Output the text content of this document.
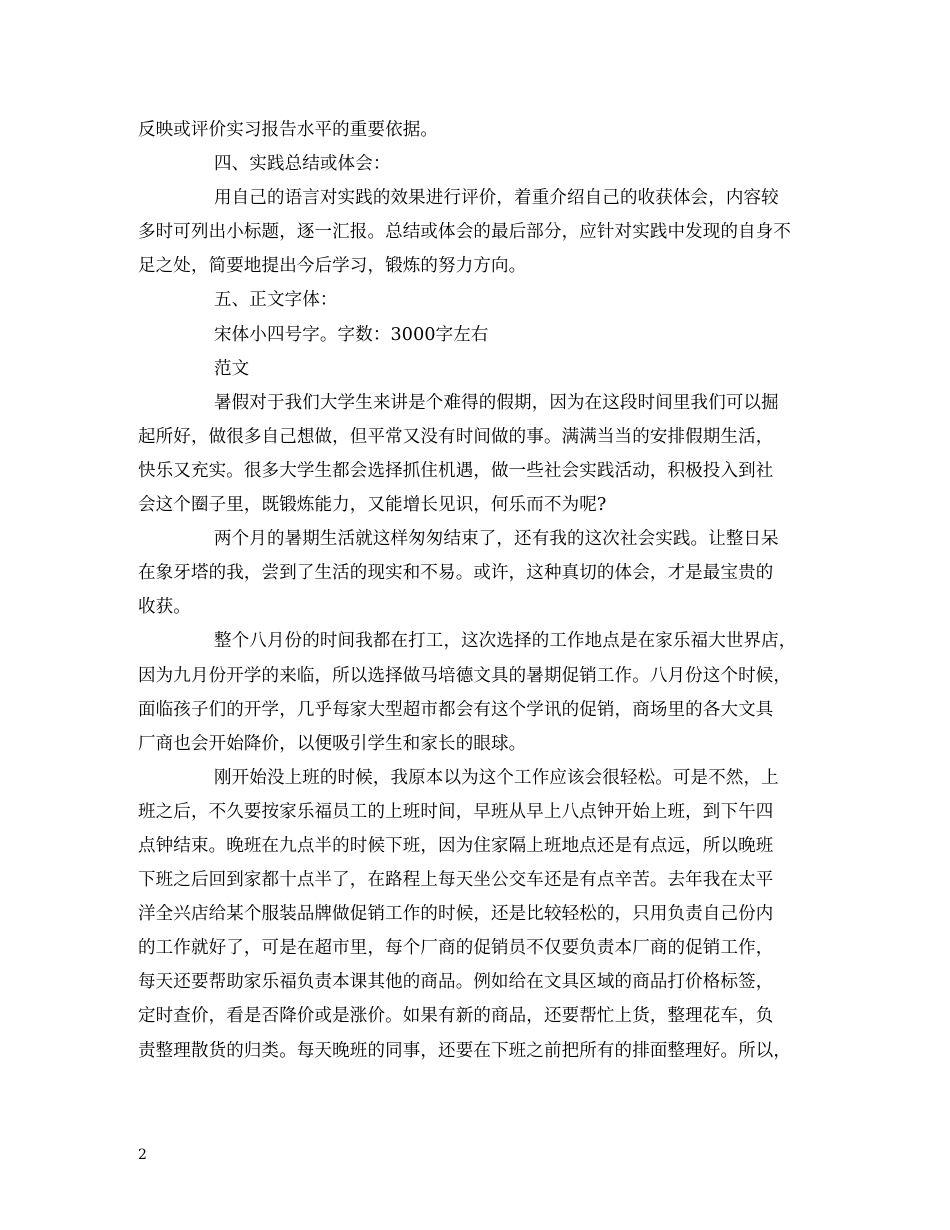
反映或评价实习报告水平的重要依据。
四、实践总结或体会：
用自己的语言对实践的效果进行评价，着重介绍自己的收获体会，内容较
多时可列出小标题，逐一汇报。总结或体会的最后部分，应针对实践中发现的自身不
足之处，简要地提出今后学习，锻炼的努力方向。
五、正文字体：
宋体小四号字。字数：3000字左右
范文
暑假对于我们大学生来讲是个难得的假期，因为在这段时间里我们可以掘
起所好，做很多自己想做，但平常又没有时间做的事。满满当当的安排假期生活，
快乐又充实。很多大学生都会选择抓住机遇，做一些社会实践活动，积极投入到社
会这个圈子里，既锻炼能力，又能增长见识，何乐而不为呢?
两个月的暑期生活就这样匆匆结束了，还有我的这次社会实践。让整日呆
在象牙塔的我，尝到了生活的现实和不易。或许，这种真切的体会，才是最宝贵的
收获。
整个八月份的时间我都在打工，这次选择的工作地点是在家乐福大世界店，
因为九月份开学的来临，所以选择做马培德文具的暑期促销工作。八月份这个时候，
面临孩子们的开学，几乎每家大型超市都会有这个学讯的促销，商场里的各大文具
厂商也会开始降价，以便吸引学生和家长的眼球。
刚开始没上班的时候，我原本以为这个工作应该会很轻松。可是不然，上
班之后，不久要按家乐福员工的上班时间，早班从早上八点钟开始上班，到下午四
点钟结束。晚班在九点半的时候下班，因为住家隔上班地点还是有点远，所以晚班
下班之后回到家都十点半了，在路程上每天坐公交车还是有点辛苦。去年我在太平
洋全兴店给某个服装品牌做促销工作的时候，还是比较轻松的，只用负责自己份内
的工作就好了，可是在超市里，每个厂商的促销员不仅要负责本厂商的促销工作，
每天还要帮助家乐福负责本课其他的商品。例如给在文具区域的商品打价格标签，
定时查价，看是否降价或是涨价。如果有新的商品，还要帮忙上货，整理花车，负
责整理散货的归类。每天晚班的同事，还要在下班之前把所有的排面整理好。所以，
2
